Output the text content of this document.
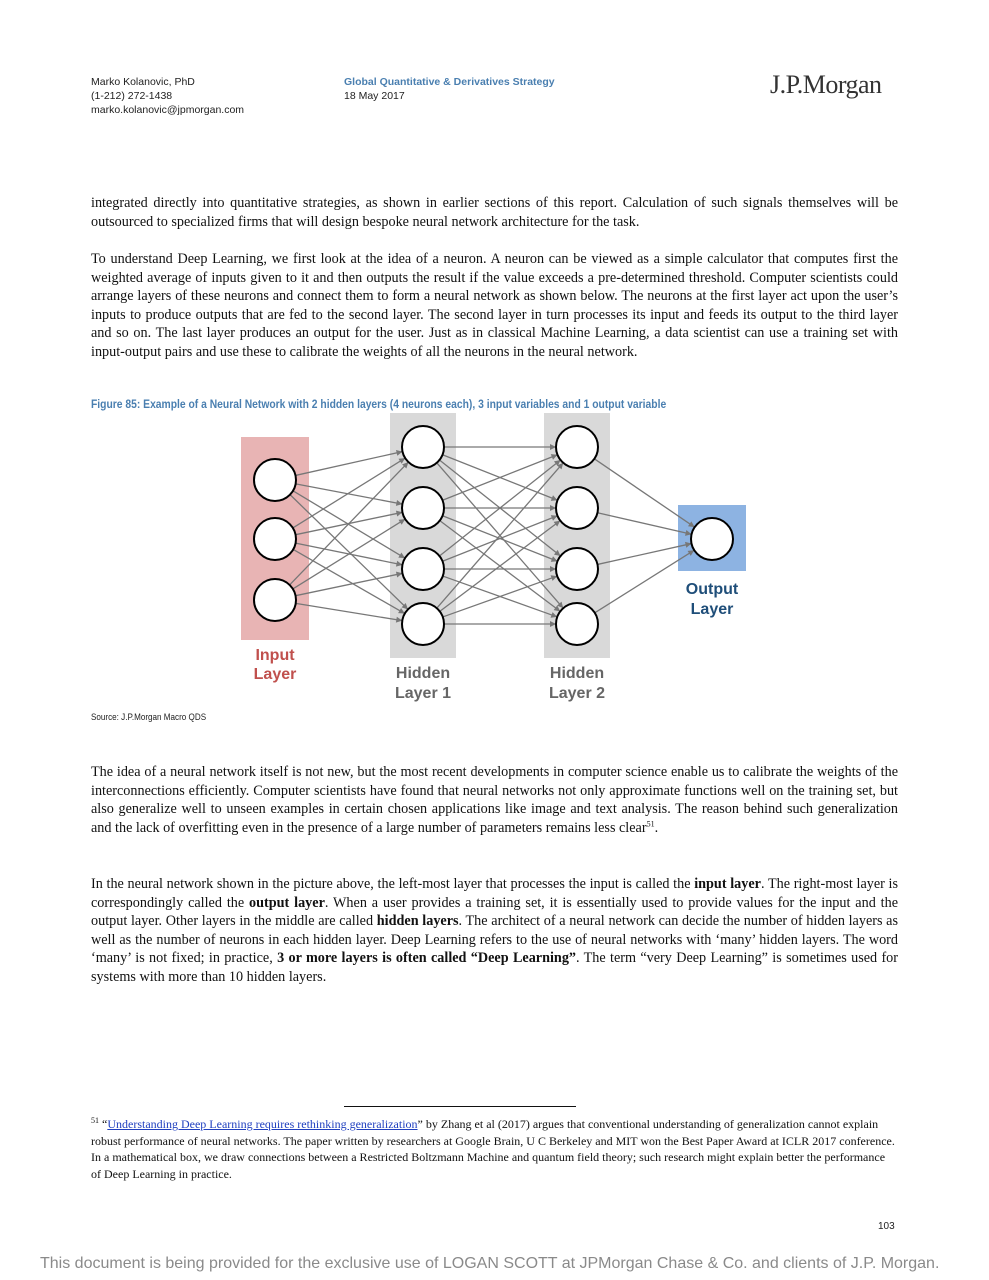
Marko Kolanovic, PhD
(1-212) 272-1438
marko.kolanovic@jpmorgan.com
Global Quantitative & Derivatives Strategy
18 May 2017	J.P.Morgan

integrated directly into quantitative strategies, as shown in earlier sections of this report. Calculation of such signals themselves will be outsourced to specialized firms that will design bespoke neural network architecture for the task.

To understand Deep Learning, we first look at the idea of a neuron. A neuron can be viewed as a simple calculator that computes first the weighted average of inputs given to it and then outputs the result if the value exceeds a pre-determined threshold. Computer scientists could arrange layers of these neurons and connect them to form a neural network as shown below. The neurons at the first layer act upon the user’s inputs to produce outputs that are fed to the second layer. The second layer in turn processes its input and feeds its output to the third layer and so on. The last layer produces an output for the user. Just as in classical Machine Learning, a data scientist can use a training set with input-output pairs and use these to calibrate the weights of all the neurons in the neural network.

Figure 85: Example of a Neural Network with 2 hidden layers (4 neurons each), 3 input variables and 1 output variable
Input
Layer	Hidden
Layer 1
Hidden
Layer 2
Output
Layer
Source: J.P.Morgan Macro QDS

The idea of a neural network itself is not new, but the most recent developments in computer science enable us to calibrate the weights of the interconnections efficiently. Computer scientists have found that neural networks not only approximate functions well on the training set, but also generalize well to unseen examples in certain chosen applications like image and text analysis. The reason behind such generalization and the lack of overfitting even in the presence of a large number of parameters remains less clear$^{51}$.

In the neural network shown in the picture above, the left-most layer that processes the input is called the input layer. The right-most layer is correspondingly called the output layer. When a user provides a training set, it is essentially used to provide values for the input and the output layer. Other layers in the middle are called hidden layers. The architect of a neural network can decide the number of hidden layers as well as the number of neurons in each hidden layer. Deep Learning refers to the use of neural networks with ‘many’ hidden layers. The word ‘many’ is not fixed; in practice, 3 or more layers is often called “Deep Learning”. The term “very Deep Learning” is sometimes used for systems with more than 10 hidden layers.

$^{51}$ “Understanding Deep Learning requires rethinking generalization” by Zhang et al (2017) argues that conventional understanding of generalization cannot explain robust performance of neural networks. The paper written by researchers at Google Brain, U C Berkeley and MIT won the Best Paper Award at ICLR 2017 conference. In a mathematical box, we draw connections between a Restricted Boltzmann Machine and quantum field theory; such research might explain better the performance of Deep Learning in practice.

103
This document is being provided for the exclusive use of LOGAN SCOTT at JPMorgan Chase & Co. and clients of J.P. Morgan.
